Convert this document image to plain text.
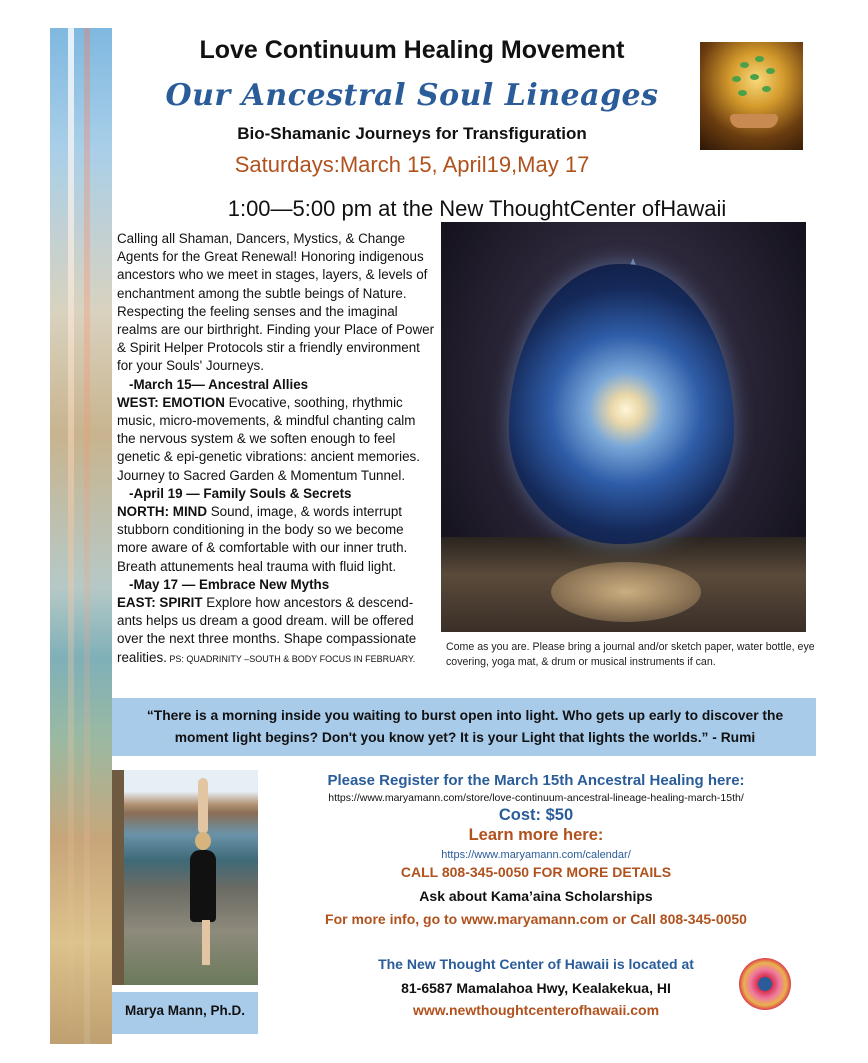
Love Continuum Healing Movement
Our Ancestral Soul Lineages
Bio-Shamanic Journeys for Transfiguration
Saturdays:March 15, April19,May 17
1:00—5:00 pm at the New ThoughtCenter ofHawaii

Calling all Shaman, Dancers, Mystics, & Change Agents for the Great Renewal! Honoring indigenous ancestors who we meet in stages, layers, & levels of enchantment among the subtle beings of Nature. Respecting the feeling senses and the imaginal realms are our birthright. Finding your Place of Power & Spirit Helper Protocols stir a friendly environment for your Souls' Journeys.

-March 15— Ancestral Allies

WEST: EMOTION Evocative, soothing, rhythmic music, micro-movements, & mindful chanting calm the nervous system & we soften enough to feel genetic & epi-genetic vibrations: ancient memories. Journey to Sacred Garden & Momentum Tunnel.

-April 19 — Family Souls & Secrets

NORTH: MIND Sound, image, & words interrupt stubborn conditioning in the body so we become more aware of & comfortable with our inner truth. Breath attunements heal trauma with fluid light.

-May 17 — Embrace New Myths

EAST: SPIRIT Explore how ancestors & descend-ants helps us dream a good dream. will be offered over the next three months. Shape compassionate realities. PS: QUADRINITY –SOUTH & BODY FOCUS IN FEBRUARY.

Come as you are. Please bring a journal and/or sketch paper, water bottle, eye covering, yoga mat, & drum or musical instruments if can.
“There is a morning inside you waiting to burst open into light. Who gets up early to discover the moment light begins? Don't you know yet? It is your Light that lights the worlds.” - Rumi
Marya Mann, Ph.D.
Please Register for the March 15th Ancestral Healing here:
https://www.maryamann.com/store/love-continuum-ancestral-lineage-healing-march-15th/
Cost: $50
Learn more here:
https://www.maryamann.com/calendar/
CALL 808-345-0050 FOR MORE DETAILS
Ask about Kama’aina Scholarships
For more info, go to www.maryamann.com or Call 808-345-0050
The New Thought Center of Hawaii is located at
81-6587 Mamalahoa Hwy, Kealakekua, HI
www.newthoughtcenterofhawaii.com
